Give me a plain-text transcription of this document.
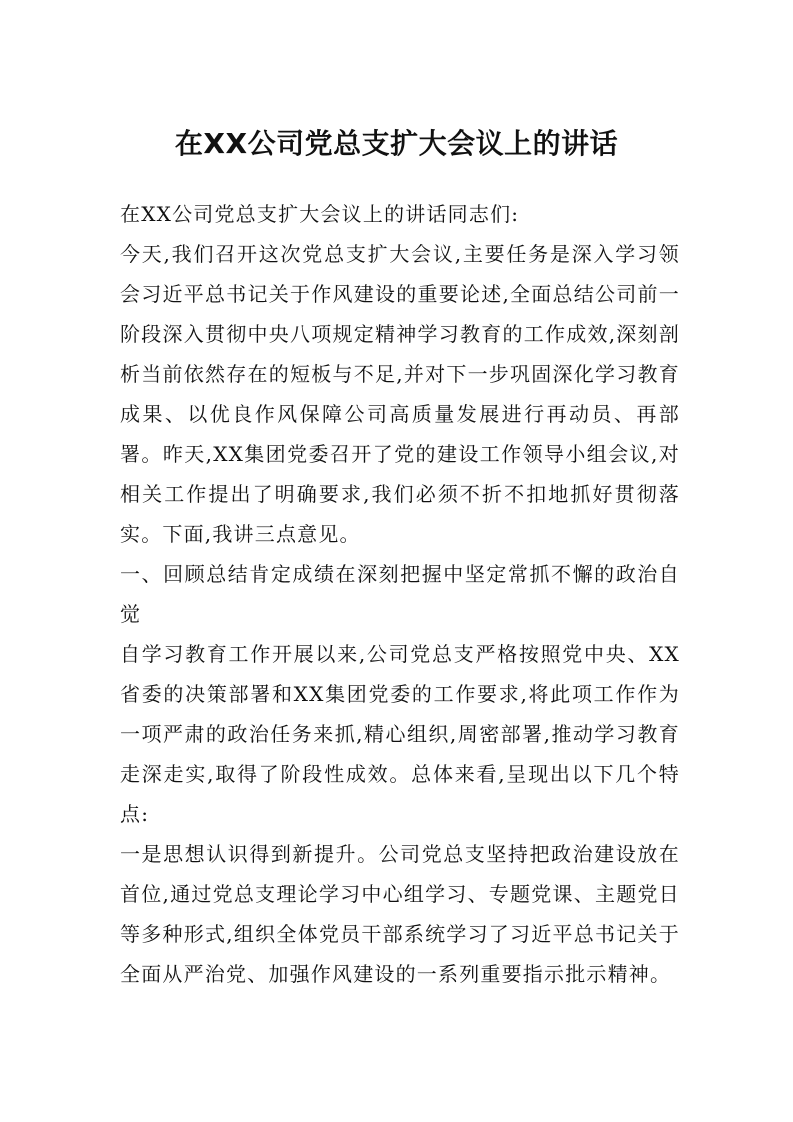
在XX公司党总支扩大会议上的讲话

在XX公司党总支扩大会议上的讲话同志们:

今天,我们召开这次党总支扩大会议,主要任务是深入学习领会习近平总书记关于作风建设的重要论述,全面总结公司前一阶段深入贯彻中央八项规定精神学习教育的工作成效,深刻剖析当前依然存在的短板与不足,并对下一步巩固深化学习教育成果、以优良作风保障公司高质量发展进行再动员、再部署。昨天,XX集团党委召开了党的建设工作领导小组会议,对相关工作提出了明确要求,我们必须不折不扣地抓好贯彻落实。下面,我讲三点意见。

一、回顾总结肯定成绩在深刻把握中坚定常抓不懈的政治自觉

自学习教育工作开展以来,公司党总支严格按照党中央、XX省委的决策部署和XX集团党委的工作要求,将此项工作作为一项严肃的政治任务来抓,精心组织,周密部署,推动学习教育走深走实,取得了阶段性成效。总体来看,呈现出以下几个特点:

一是思想认识得到新提升。公司党总支坚持把政治建设放在首位,通过党总支理论学习中心组学习、专题党课、主题党日等多种形式,组织全体党员干部系统学习了习近平总书记关于全面从严治党、加强作风建设的一系列重要指示批示精神。
